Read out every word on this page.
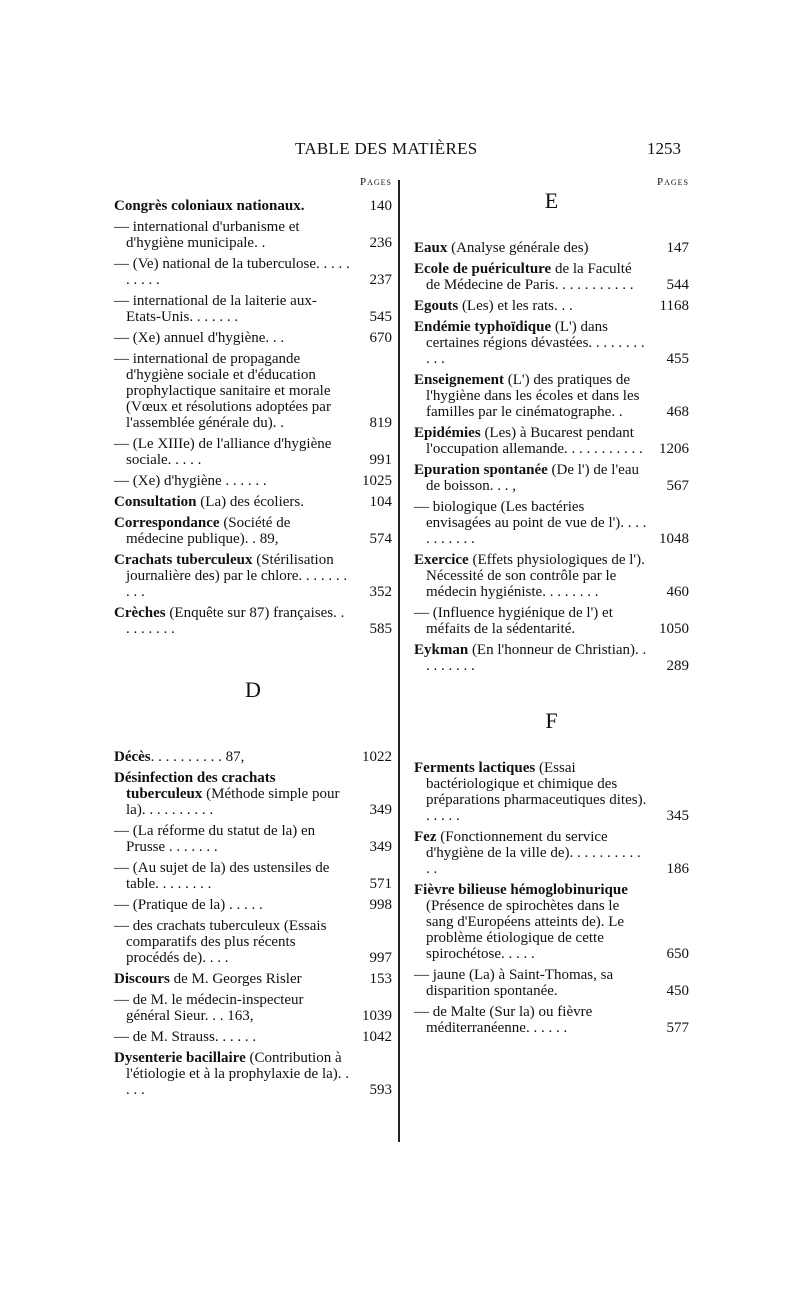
TABLE DES MATIÈRES	1253
Pages
Congrès coloniaux nationaux.	140
— international d'urbanisme et d'hygiène municipale. .	236
— (Ve) national de la tuberculose. . . . . . . . . .	237
— international de la laiterie aux-Etats-Unis. . . . . . .	545
— (Xe) annuel d'hygiène. . .	670
— international de propagande d'hygiène sociale et d'éducation prophylactique sanitaire et morale (Vœux et résolutions adoptées par l'assemblée générale du). .	819
— (Le XIIIe) de l'alliance d'hygiène sociale. . . . .	991
— (Xe) d'hygiène . . . . . .	1025
Consultation (La) des écoliers.	104
Correspondance (Société de médecine publique). . 89,	574
Crachats tuberculeux (Stérilisation journalière des) par le chlore. . . . . . . . . .	352
Crèches (Enquête sur 87) françaises. . . . . . . . .	585
D
Décès. . . . . . . . . . 87,	1022
Désinfection des crachats tuberculeux (Méthode simple pour la). . . . . . . . . .	349
— (La réforme du statut de la) en Prusse . . . . . . .	349
— (Au sujet de la) des ustensiles de table. . . . . . . .	571
— (Pratique de la) . . . . .	998
— des crachats tuberculeux (Essais comparatifs des plus récents procédés de). . . .	997
Discours de M. Georges Risler	153
— de M. le médecin-inspecteur général Sieur. . . 163,	1039
— de M. Strauss. . . . . .	1042
Dysenterie bacillaire (Contribution à l'étiologie et à la prophylaxie de la). . . . .	593
Pages
E
Eaux (Analyse générale des)	147
Ecole de puériculture de la Faculté de Médecine de Paris. . . . . . . . . . .	544
Egouts (Les) et les rats. . .	1168
Endémie typhoïdique (L') dans certaines régions dévastées. . . . . . . . . . .	455
Enseignement (L') des pratiques de l'hygiène dans les écoles et dans les familles par le cinématographe. .	468
Epidémies (Les) à Bucarest pendant l'occupation allemande. . . . . . . . . . .	1206
Epuration spontanée (De l') de l'eau de boisson. . . ,	567
— biologique (Les bactéries envisagées au point de vue de l'). . . . . . . . . . .	1048
Exercice (Effets physiologiques de l'). Nécessité de son contrôle par le médecin hygiéniste. . . . . . . .	460
— (Influence hygiénique de l') et méfaits de la sédentarité.	1050
Eykman (En l'honneur de Christian). . . . . . . . .	289
F
Ferments lactiques (Essai bactériologique et chimique des préparations pharmaceutiques dites). . . . . .	345
Fez (Fonctionnement du service d'hygiène de la ville de). . . . . . . . . . . .	186
Fièvre bilieuse hémoglobinurique (Présence de spirochètes dans le sang d'Européens atteints de). Le problème étiologique de cette spirochétose. . . . .	650
— jaune (La) à Saint-Thomas, sa disparition spontanée.	450
— de Malte (Sur la) ou fièvre méditerranéenne. . . . . .	577
